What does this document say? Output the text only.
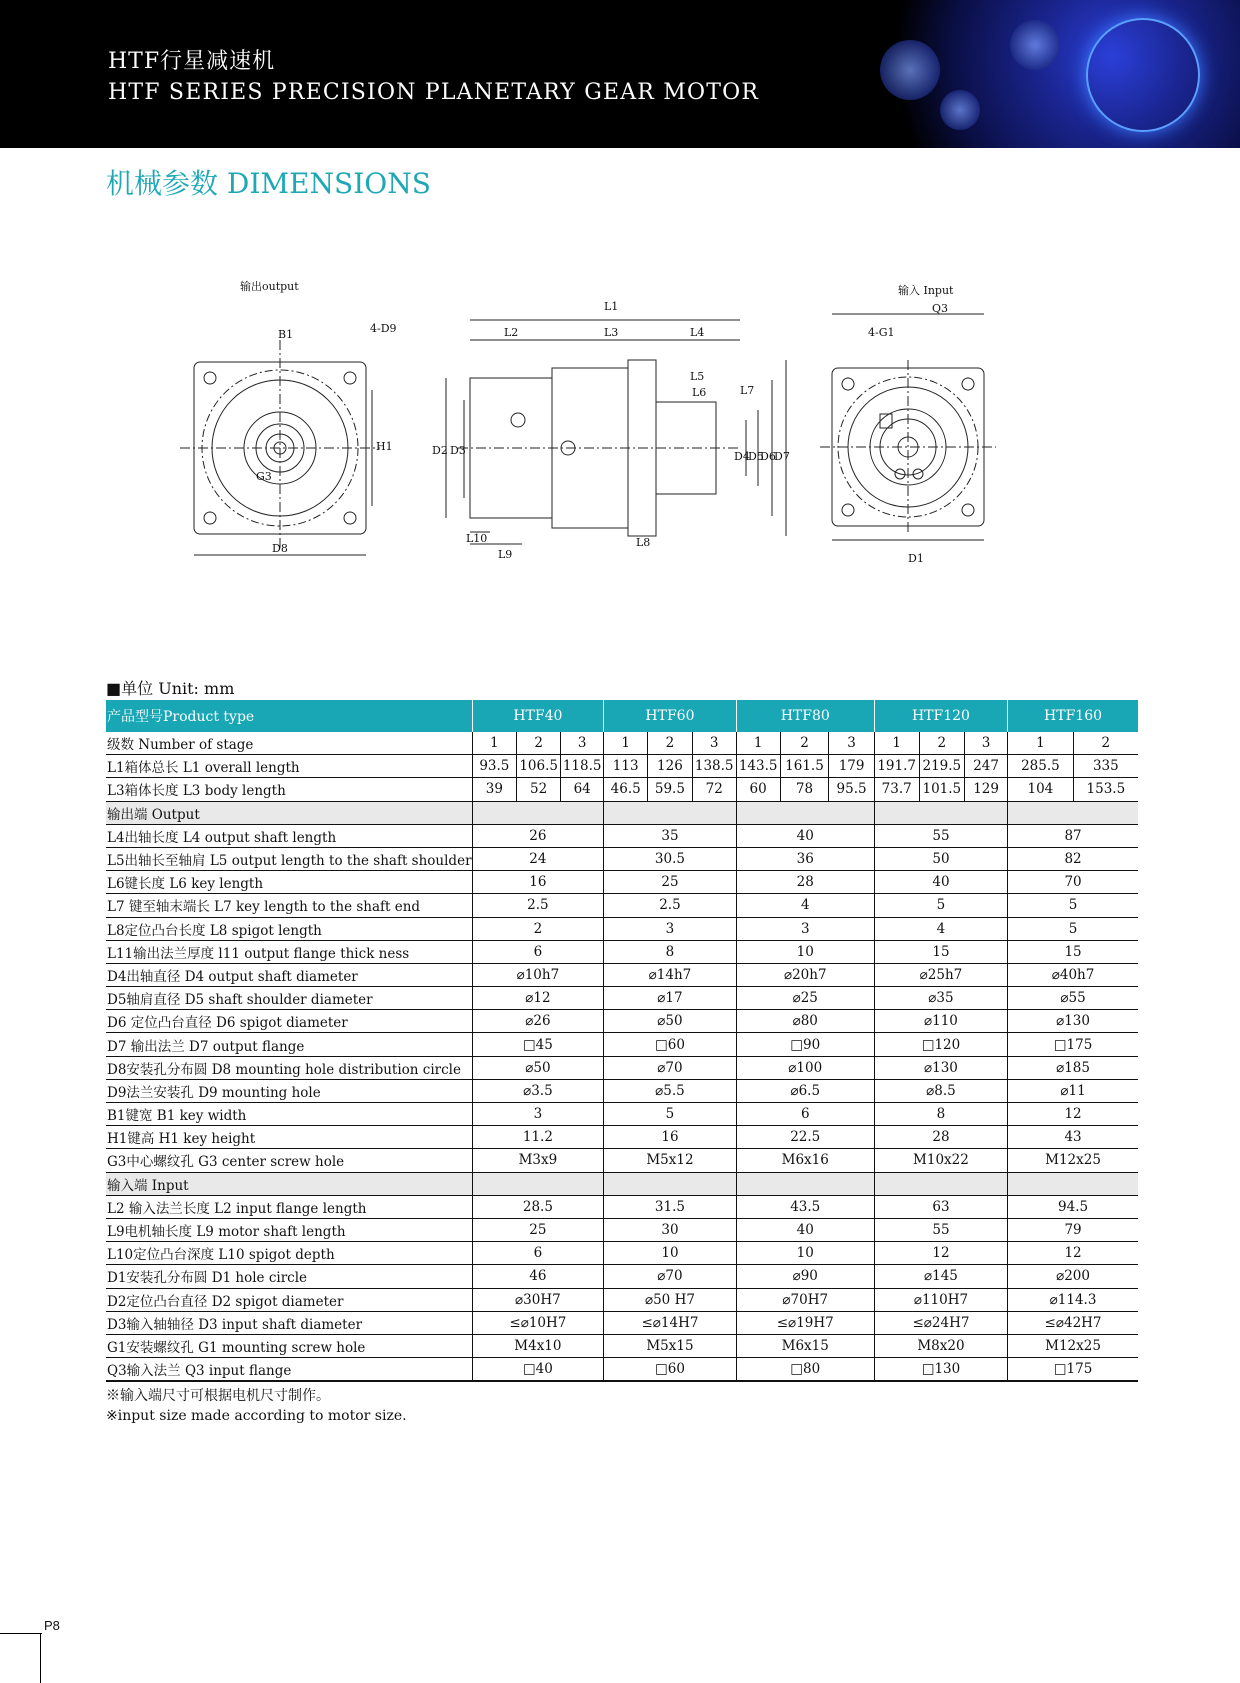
HTF行星减速机
HTF SERIES PRECISION PLANETARY GEAR MOTOR
机械参数 DIMENSIONS
输出output
B1	4-D9
H1
G3
D8
L1
L2	L3	L4
L5
L6	L7
L8
L9
L10
D2 D3	D4
D5
D6
D7
输入 Input
Q3
4-G1
D1
■单位 Unit: mm
产品型号Product type	HTF40			HTF60			HTF80			HTF120			HTF160	
级数 Number of stage	1	2	3	1	2	3	1	2	3	1	2	3	1	2
L1箱体总长 L1 overall length	93.5	106.5	118.5	113	126	138.5	143.5	161.5	179	191.7	219.5	247	285.5	335
L3箱体长度 L3 body length	39	52	64	46.5	59.5	72	60	78	95.5	73.7	101.5	129	104	153.5
输出端 Output														
L4出轴长度 L4 output shaft length	26			35			40			55			87	
L5出轴长至轴肩 L5 output length to the shaft shoulder	24			30.5			36			50			82	
L6键长度 L6 key length	16			25			28			40			70	
L7 键至轴末端长 L7 key length to the shaft end	2.5			2.5			4			5			5	
L8定位凸台长度 L8 spigot length	2			3			3			4			5	
L11输出法兰厚度 l11 output flange thick ness	6			8			10			15			15	
D4出轴直径 D4 output shaft diameter	⌀10h7			⌀14h7			⌀20h7			⌀25h7			⌀40h7	
D5轴肩直径 D5 shaft shoulder diameter	⌀12			⌀17			⌀25			⌀35			⌀55	
D6 定位凸台直径 D6 spigot diameter	⌀26			⌀50			⌀80			⌀110			⌀130	
D7 输出法兰 D7 output flange	□45			□60			□90			□120			□175	
D8安装孔分布圆 D8 mounting hole distribution circle	⌀50			⌀70			⌀100			⌀130			⌀185	
D9法兰安装孔 D9 mounting hole	⌀3.5			⌀5.5			⌀6.5			⌀8.5			⌀11	
B1键宽 B1 key width	3			5			6			8			12	
H1键高 H1 key height	11.2			16			22.5			28			43	
G3中心螺纹孔 G3 center screw hole	M3x9			M5x12			M6x16			M10x22			M12x25	
输入端 Input														
L2 输入法兰长度 L2 input flange length	28.5			31.5			43.5			63			94.5	
L9电机轴长度 L9 motor shaft length	25			30			40			55			79	
L10定位凸台深度 L10 spigot depth	6			10			10			12			12	
D1安装孔分布圆 D1 hole circle	46			⌀70			⌀90			⌀145			⌀200	
D2定位凸台直径 D2 spigot diameter	⌀30H7			⌀50 H7			⌀70H7			⌀110H7			⌀114.3	
D3输入轴轴径 D3 input shaft diameter	≤⌀10H7			≤⌀14H7			≤⌀19H7			≤⌀24H7			≤⌀42H7	
G1安装螺纹孔 G1 mounting screw hole	M4x10			M5x15			M6x15			M8x20			M12x25	
Q3输入法兰 Q3 input flange	□40			□60			□80			□130			□175	
※输入端尺寸可根据电机尺寸制作。
※input size made according to motor size.
P8
